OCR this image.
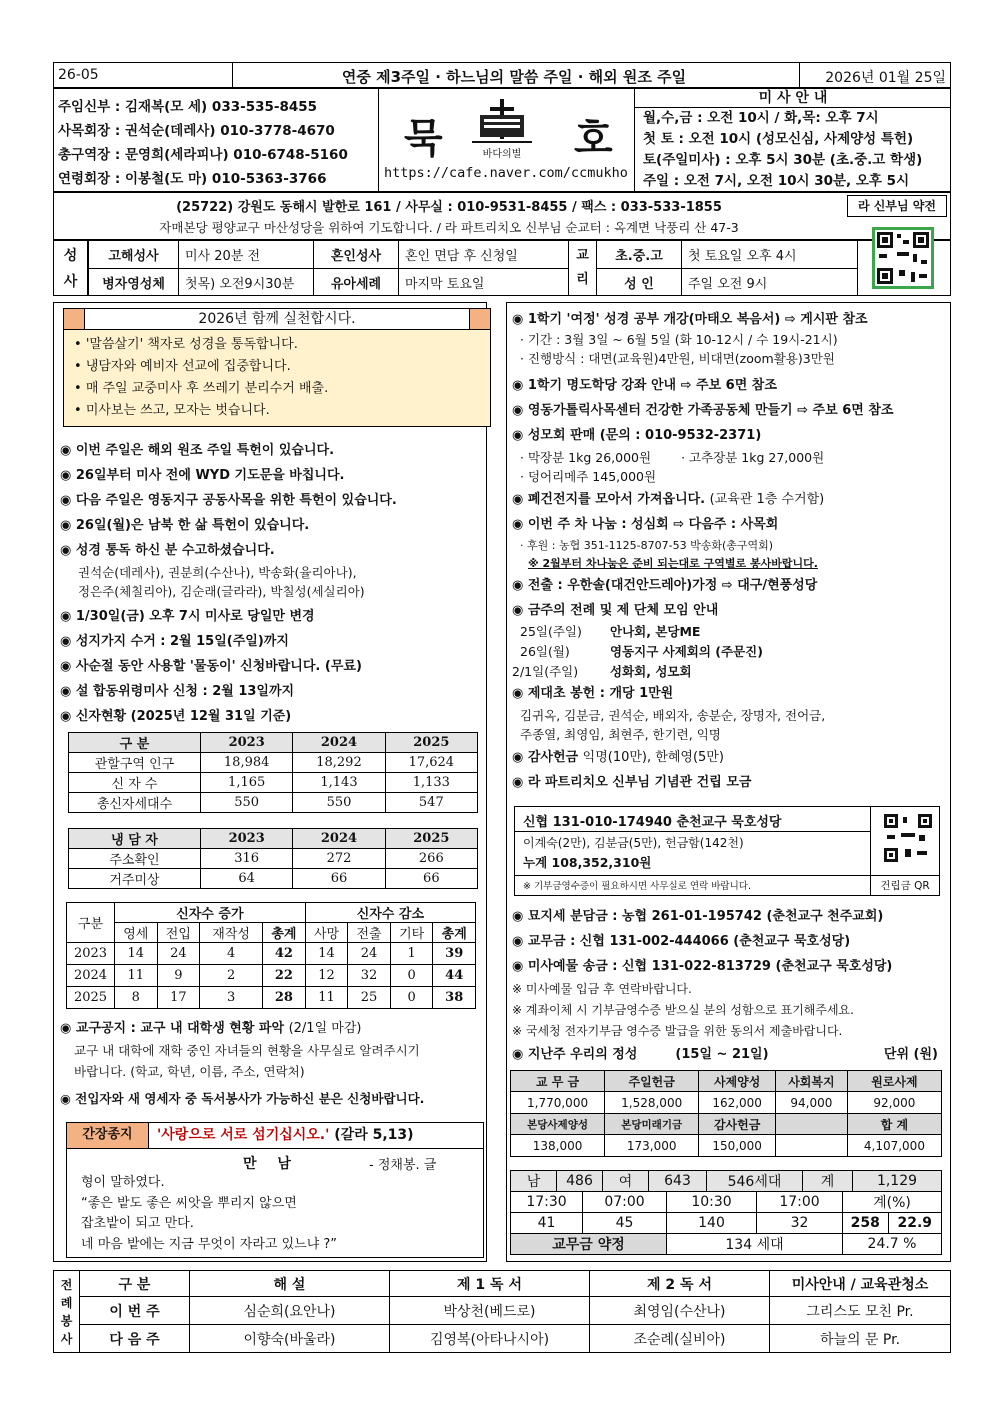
26-05	연중 제3주일 · 하느님의 말씀 주일 · 해외 원조 주일	2026년 01월 25일
주임신부 : 김재복(모 세) 033-535-8455
사목회장 : 권석순(데레사) 010-3778-4670
총구역장 : 문영희(세라피나) 010-6748-5160
연령회장 : 이봉철(도 마) 010-5363-3766
묵	바다의별 호
https://cafe.naver.com/ccmukho
미 사 안 내
월,수,금 : 오전 10시 / 화,목: 오후 7시
첫 토 : 오전 10시 (성모신심, 사제양성 특헌)
토(주일미사) : 오후 5시 30분 (초.중.고 학생)
주일 : 오전 7시, 오전 10시 30분, 오후 5시
(25722) 강원도 동해시 발한로 161 / 사무실 : 010-9531-8455 / 팩스 : 033-533-1855
자매본당 평양교구 마산성당을 위하여 기도합니다. / 라 파트리치오 신부님 순교터 : 옥계면 낙풍리 산 47-3
라 신부님 약전
성
사
고해성사	미사 20분 전	혼인성사	혼인 면담 후 신청일	교
리	초.중.고	첫 토요일 오후 4시
병자영성체	첫목) 오전9시30분	유아세례	마지막 토요일		성 인	주일 오전 9시
2026년 함께 실천합시다.
• '말씀살기' 책자로 성경을 통독합니다.
• 냉담자와 예비자 선교에 집중합니다.
• 매 주일 교중미사 후 쓰레기 분리수거 배출.
• 미사보는 쓰고, 모자는 벗습니다.
◉ 이번 주일은 해외 원조 주일 특헌이 있습니다.
◉ 26일부터 미사 전에 WYD 기도문을 바칩니다.
◉ 다음 주일은 영동지구 공동사목을 위한 특헌이 있습니다.
◉ 26일(월)은 남북 한 삶 특헌이 있습니다.
◉ 성경 통독 하신 분 수고하셨습니다.
권석순(데레사), 권분희(수산나), 박송화(율리아나),
정은주(체칠리아), 김순래(글라라), 박칠성(세실리아)
◉ 1/30일(금) 오후 7시 미사로 당일만 변경
◉ 성지가지 수거 : 2월 15일(주일)까지
◉ 사순절 동안 사용할 '물동이' 신청바랍니다. (무료)
◉ 설 합동위령미사 신청 : 2월 13일까지
◉ 신자현황 (2025년 12월 31일 기준)
구 분	2023	2024	2025
관할구역 인구	18,984	18,292	17,624
신 자 수	1,165	1,143	1,133
총신자세대수	550	550	547
냉 담 자	2023	2024	2025
주소확인	316	272	266
거주미상	64	66	66
구분	신자수 증가				신자수 감소			
	영세	전입	재작성	총계	사망	전출	기타	총계
2023	14	24	4	42	14	24	1	39
2024	11	9	2	22	12	32	0	44
2025	8	17	3	28	11	25	0	38
◉ 교구공지 : 교구 내 대학생 현황 파악 (2/1일 마감)
교구 내 대학에 재학 중인 자녀들의 현황을 사무실로 알려주시기
바랍니다. (학교, 학년, 이름, 주소, 연락처)
◉ 전입자와 새 영세자 중 독서봉사가 가능하신 분은 신청바랍니다.
간장종지	'사랑으로 서로 섬기십시오.' (갈라 5,13)
만 남	- 정채봉. 글
형이 말하였다.
“좋은 밭도 좋은 씨앗을 뿌리지 않으면
잡초밭이 되고 만다.
네 마음 밭에는 지금 무엇이 자라고 있느냐 ?”
◉ 1학기 '여정' 성경 공부 개강(마태오 복음서) ⇨ 게시판 참조
· 기간 : 3월 3일 ~ 6월 5일 (화 10-12시 / 수 19시-21시)
· 진행방식 : 대면(교육원)4만원, 비대면(zoom활용)3만원
◉ 1학기 명도학당 강좌 안내 ⇨ 주보 6면 참조
◉ 영동가톨릭사목센터 건강한 가족공동체 만들기 ⇨ 주보 6면 참조
◉ 성모회 판매 (문의 : 010-9532-2371)
· 막장분 1kg 26,000원 · 고추장분 1kg 27,000원
· 덩어리메주 145,000원
◉ 폐건전지를 모아서 가져옵니다. (교육관 1층 수거함)
◉ 이번 주 차 나눔 : 성심회 ⇨ 다음주 : 사목회
· 후원 : 농협 351-1125-8707-53 박송화(총구역회)
※ 2월부터 차나눔은 준비 되는대로 구역별로 봉사바랍니다.
◉ 전출 : 우한솔(대건안드레아)가정 ⇨ 대구/현풍성당
◉ 금주의 전례 및 제 단체 모임 안내
25일(주일) 안나회, 본당ME
26일(월)	영동지구 사제회의 (주문진)
2/1일(주일)	성화회, 성모회
◉ 제대초 봉헌 : 개당 1만원
김귀옥, 김분금, 권석순, 배외자, 송분순, 장명자, 전어금,
주종열, 최영임, 최현주, 한기련, 익명
◉ 감사헌금 익명(10만), 한혜영(5만)
◉ 라 파트리치오 신부님 기념관 건립 모금
신협 131-010-174940 춘천교구 묵호성당
이계숙(2만), 김분금(5만), 헌금함(142천)
누계 108,352,310원
※ 기부금영수증이 필요하시면 사무실로 연락 바랍니다.	건립금 QR
◉ 묘지세 분담금 : 농협 261-01-195742 (춘천교구 천주교회)
◉ 교무금 : 신협 131-002-444066 (춘천교구 묵호성당)
◉ 미사예물 송금 : 신협 131-022-813729 (춘천교구 묵호성당)
※ 미사예물 입금 후 연락바랍니다.
※ 계좌이체 시 기부금영수증 받으실 분의 성함으로 표기해주세요.
※ 국세청 전자기부금 영수증 발급을 위한 동의서 제출바랍니다.
◉ 지난주 우리의 정성	(15일 ~ 21일)	단위 (원)
교 무 금	주일헌금	사제양성	사회복지	원로사제
1,770,000	1,528,000	162,000	94,000	92,000
본당사제양성	본당미래기금	감사헌금		합 계
138,000	173,000	150,000		4,107,000
남	486	여	643	546세대	계	1,129
17:30	07:00	10:30	17:00	계(%)	
41	45	140	32	258	22.9
교무금 약정		134 세대		24.7 %	
전
례
봉
사	구 분	해 설	제 1 독 서	제 2 독 서	미사안내 / 교육관청소
	이 번 주	심순희(요안나)	박상천(베드로)	최영임(수산나)	그리스도 모친 Pr.
	다 음 주	이향숙(바울라)	김영복(아타나시아)	조순례(실비아)	하늘의 문 Pr.
